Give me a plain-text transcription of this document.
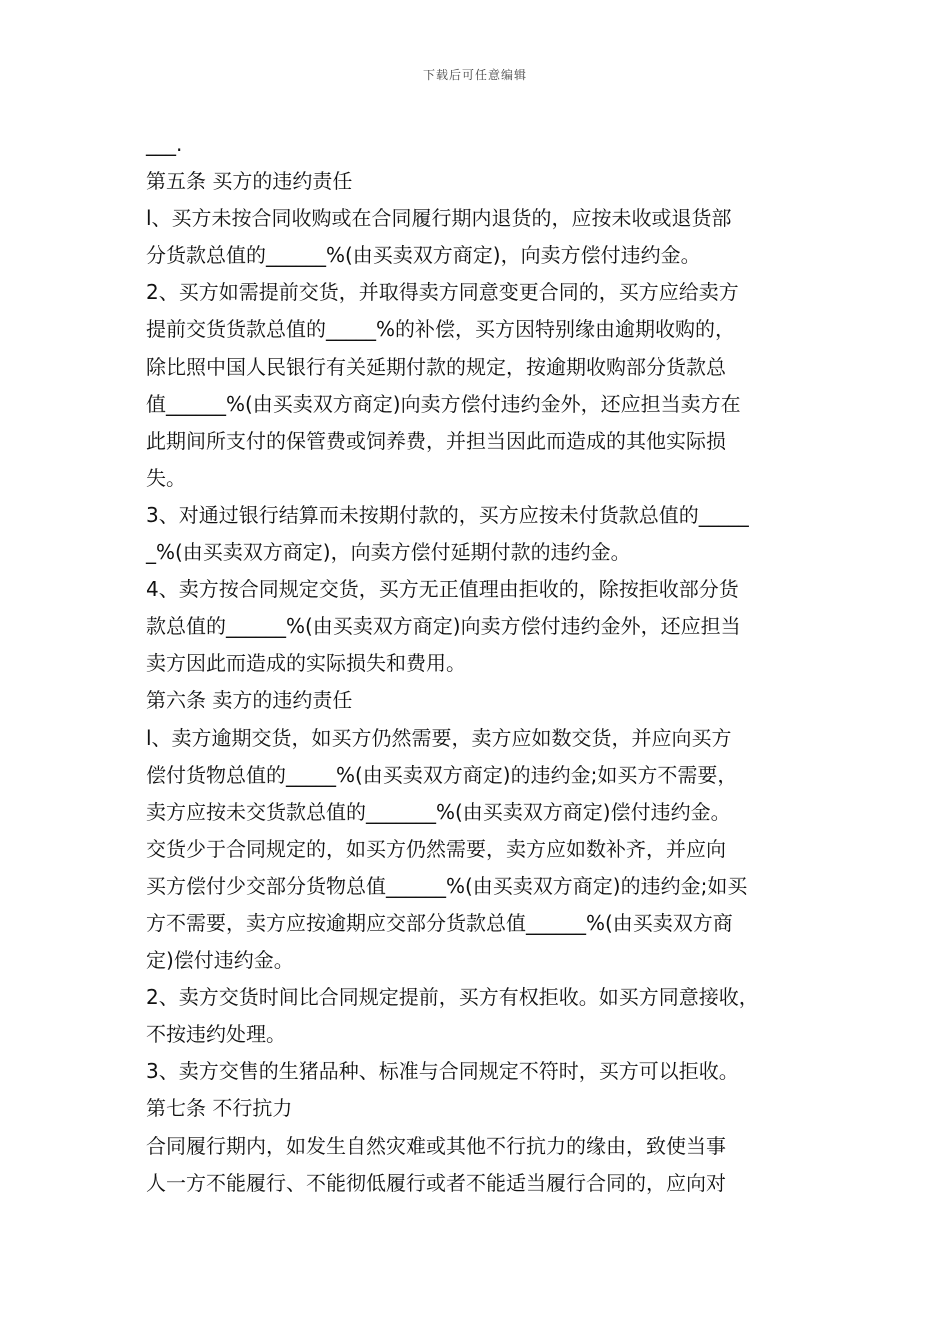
下载后可任意编辑
___.
第五条 买方的违约责任
l、买方未按合同收购或在合同履行期内退货的，应按未收或退货部
分货款总值的______%(由买卖双方商定)，向卖方偿付违约金。
2、买方如需提前交货，并取得卖方同意变更合同的，买方应给卖方
提前交货货款总值的_____%的补偿，买方因特别缘由逾期收购的，
除比照中国人民银行有关延期付款的规定，按逾期收购部分货款总
值______%(由买卖双方商定)向卖方偿付违约金外，还应担当卖方在
此期间所支付的保管费或饲养费，并担当因此而造成的其他实际损
失。
3、对通过银行结算而未按期付款的，买方应按未付货款总值的_____
_%(由买卖双方商定)，向卖方偿付延期付款的违约金。
4、卖方按合同规定交货，买方无正值理由拒收的，除按拒收部分货
款总值的______%(由买卖双方商定)向卖方偿付违约金外，还应担当
卖方因此而造成的实际损失和费用。
第六条 卖方的违约责任
l、卖方逾期交货，如买方仍然需要，卖方应如数交货，并应向买方
偿付货物总值的_____%(由买卖双方商定)的违约金;如买方不需要，
卖方应按未交货款总值的_______%(由买卖双方商定)偿付违约金。
交货少于合同规定的，如买方仍然需要，卖方应如数补齐，并应向
买方偿付少交部分货物总值______%(由买卖双方商定)的违约金;如买
方不需要，卖方应按逾期应交部分货款总值______%(由买卖双方商
定)偿付违约金。
2、卖方交货时间比合同规定提前，买方有权拒收。如买方同意接收，
不按违约处理。
3、卖方交售的生猪品种、标准与合同规定不符时，买方可以拒收。
第七条 不行抗力
合同履行期内，如发生自然灾难或其他不行抗力的缘由，致使当事
人一方不能履行、不能彻低履行或者不能适当履行合同的，应向对
